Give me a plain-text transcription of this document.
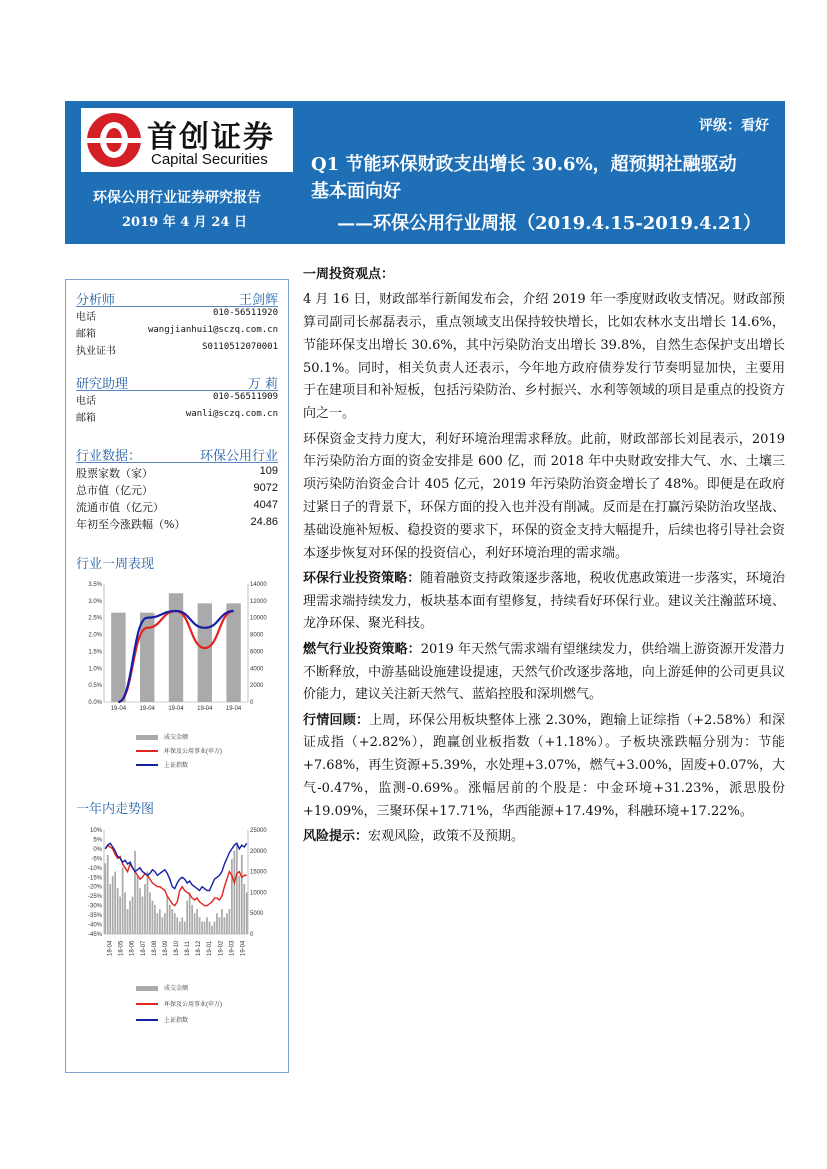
首创证券
Capital Securities
环保公用行业证券研究报告
2019 年 4 月 24 日
评级：看好
Q1 节能环保财政支出增长 30.6%，超预期社融驱动
基本面向好
——环保公用行业周报（2019.4.15-2019.4.21）
分析师	王剑辉
电话	010-56511920
邮箱	wangjianhui1@sczq.com.cn
执业证书	S0110512070001
研究助理	万 莉
电话	010-56511909
邮箱	wanli@sczq.com.cn
行业数据：	环保公用行业
股票家数（家）	109
总市值（亿元）	9072
流通市值（亿元）	4047
年初至今涨跌幅（%）	24.86
行业一周表现
0.0%
0.5%
1.0%
1.5%
2.0%
2.5%
3.0%
3.5%
0
2000
4000
6000
8000
10000
12000
14000
19-04 19-04 19-04 19-04 19-04
成交金额
环保及公用事业(申万)
上证指数
一年内走势图
-45%
-40%
-35%
-30%
-25%
-20%
-15%
-10%
-5%
0%
5%
10%
0
5000
10000
15000
20000
25000
18-04 18-05 18-06 18-07 18-08 18-09 18-10 18-11 18-12 19-01 19-02 19-03 19-04
成交金额
环保及公用事业(申万)
上证指数

一周投资观点：

4 月 16 日，财政部举行新闻发布会，介绍 2019 年一季度财政收支情况。财政部预算司副司长郝磊表示，重点领域支出保持较快增长，比如农林水支出增长 14.6%，节能环保支出增长 30.6%，其中污染防治支出增长 39.8%，自然生态保护支出增长 50.1%。同时，相关负责人还表示，今年地方政府债券发行节奏明显加快，主要用于在建项目和补短板，包括污染防治、乡村振兴、水利等领域的项目是重点的投资方向之一。

环保资金支持力度大，利好环境治理需求释放。此前，财政部部长刘昆表示，2019 年污染防治方面的资金安排是 600 亿，而 2018 年中央财政安排大气、水、土壤三项污染防治资金合计 405 亿元，2019 年污染防治资金增长了 48%。即便是在政府过紧日子的背景下，环保方面的投入也并没有削减。反而是在打赢污染防治攻坚战、基础设施补短板、稳投资的要求下，环保的资金支持大幅提升，后续也将引导社会资本逐步恢复对环保的投资信心，利好环境治理的需求端。

环保行业投资策略：随着融资支持政策逐步落地，税收优惠政策进一步落实，环境治理需求端持续发力，板块基本面有望修复，持续看好环保行业。建议关注瀚蓝环境、龙净环保、聚光科技。

燃气行业投资策略：2019 年天然气需求端有望继续发力，供给端上游资源开发潜力不断释放，中游基础设施建设提速，天然气价改逐步落地，向上游延伸的公司更具议价能力，建议关注新天然气、蓝焰控股和深圳燃气。

行情回顾：上周，环保公用板块整体上涨 2.30%，跑输上证综指（+2.58%）和深证成指（+2.82%），跑赢创业板指数（+1.18%）。子板块涨跌幅分别为：节能+7.68%，再生资源+5.39%，水处理+3.07%，燃气+3.00%，固废+0.07%，大气-0.47%，监测-0.69%。涨幅居前的个股是：中金环境+31.23%，派思股份+19.09%，三聚环保+17.71%，华西能源+17.49%，科融环境+17.22%。

风险提示：宏观风险，政策不及预期。
